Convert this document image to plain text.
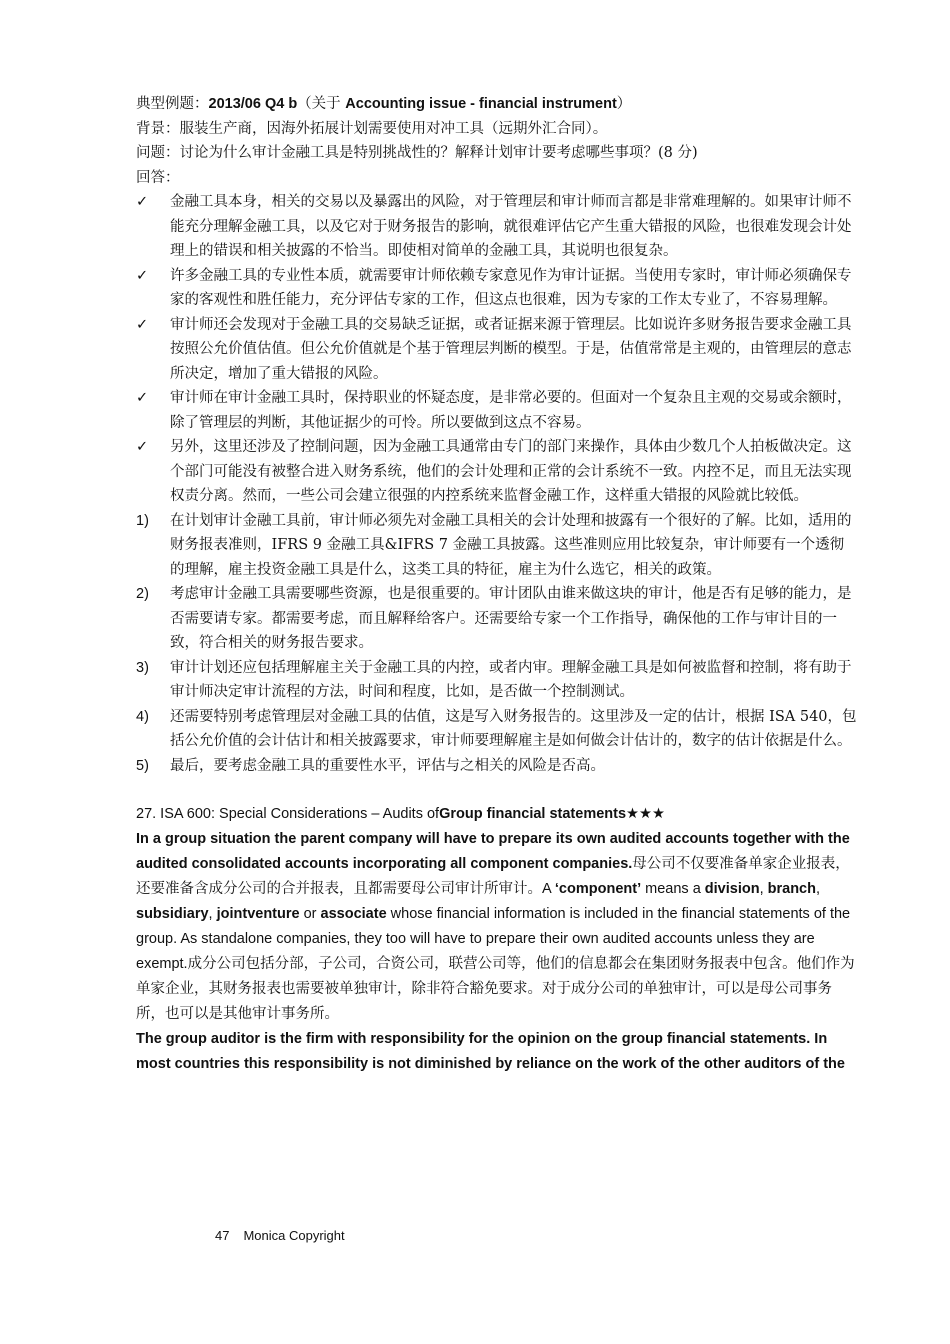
典型例题：2013/06 Q4 b（关于 Accounting issue - financial instrument）

背景：服装生产商，因海外拓展计划需要使用对冲工具（远期外汇合同）。

问题：讨论为什么审计金融工具是特别挑战性的？解释计划审计要考虑哪些事项？(8 分)

回答：

✓	金融工具本身，相关的交易以及暴露出的风险，对于管理层和审计师而言都是非常难理解的。如果审计师不能充分理解金融工具，以及它对于财务报告的影响，就很难评估它产生重大错报的风险，也很难发现会计处理上的错误和相关披露的不恰当。即使相对简单的金融工具，其说明也很复杂。

✓	许多金融工具的专业性本质，就需要审计师依赖专家意见作为审计证据。当使用专家时，审计师必须确保专家的客观性和胜任能力，充分评估专家的工作，但这点也很难，因为专家的工作太专业了，不容易理解。

✓	审计师还会发现对于金融工具的交易缺乏证据，或者证据来源于管理层。比如说许多财务报告要求金融工具按照公允价值估值。但公允价值就是个基于管理层判断的模型。于是，估值常常是主观的，由管理层的意志所决定，增加了重大错报的风险。

✓	审计师在审计金融工具时，保持职业的怀疑态度，是非常必要的。但面对一个复杂且主观的交易或余额时，除了管理层的判断，其他证据少的可怜。所以要做到这点不容易。

✓	另外，这里还涉及了控制问题，因为金融工具通常由专门的部门来操作，具体由少数几个人拍板做决定。这个部门可能没有被整合进入财务系统，他们的会计处理和正常的会计系统不一致。内控不足，而且无法实现权责分离。然而，一些公司会建立很强的内控系统来监督金融工作，这样重大错报的风险就比较低。

1)	在计划审计金融工具前，审计师必须先对金融工具相关的会计处理和披露有一个很好的了解。比如，适用的财务报表准则，IFRS 9 金融工具&IFRS 7 金融工具披露。这些准则应用比较复杂，审计师要有一个透彻的理解，雇主投资金融工具是什么，这类工具的特征，雇主为什么选它，相关的政策。

2)	考虑审计金融工具需要哪些资源，也是很重要的。审计团队由谁来做这块的审计，他是否有足够的能力，是否需要请专家。都需要考虑，而且解释给客户。还需要给专家一个工作指导，确保他的工作与审计目的一致，符合相关的财务报告要求。

3)	审计计划还应包括理解雇主关于金融工具的内控，或者内审。理解金融工具是如何被监督和控制，将有助于审计师决定审计流程的方法，时间和程度，比如，是否做一个控制测试。

4)	还需要特别考虑管理层对金融工具的估值，这是写入财务报告的。这里涉及一定的估计，根据 ISA 540，包括公允价值的会计估计和相关披露要求，审计师要理解雇主是如何做会计估计的，数字的估计依据是什么。

5)	最后，要考虑金融工具的重要性水平，评估与之相关的风险是否高。

27. ISA 600: Special Considerations – Audits ofGroup financial statements★★★

In a group situation the parent company will have to prepare its own audited accounts together with the audited consolidated accounts incorporating all component companies.母公司不仅要准备单家企业报表，还要准备含成分公司的合并报表，且都需要母公司审计所审计。A ‘component’ means a division, branch, subsidiary, jointventure or associate whose financial information is included in the financial statements of the group. As standalone companies, they too will have to prepare their own audited accounts unless they are exempt.成分公司包括分部，子公司，合资公司，联营公司等，他们的信息都会在集团财务报表中包含。他们作为单家企业，其财务报表也需要被单独审计，除非符合豁免要求。对于成分公司的单独审计，可以是母公司事务所，也可以是其他审计事务所。

The group auditor is the firm with responsibility for the opinion on the group financial statements. In most countries this responsibility is not diminished by reliance on the work of the other auditors of the

47 Monica Copyright
